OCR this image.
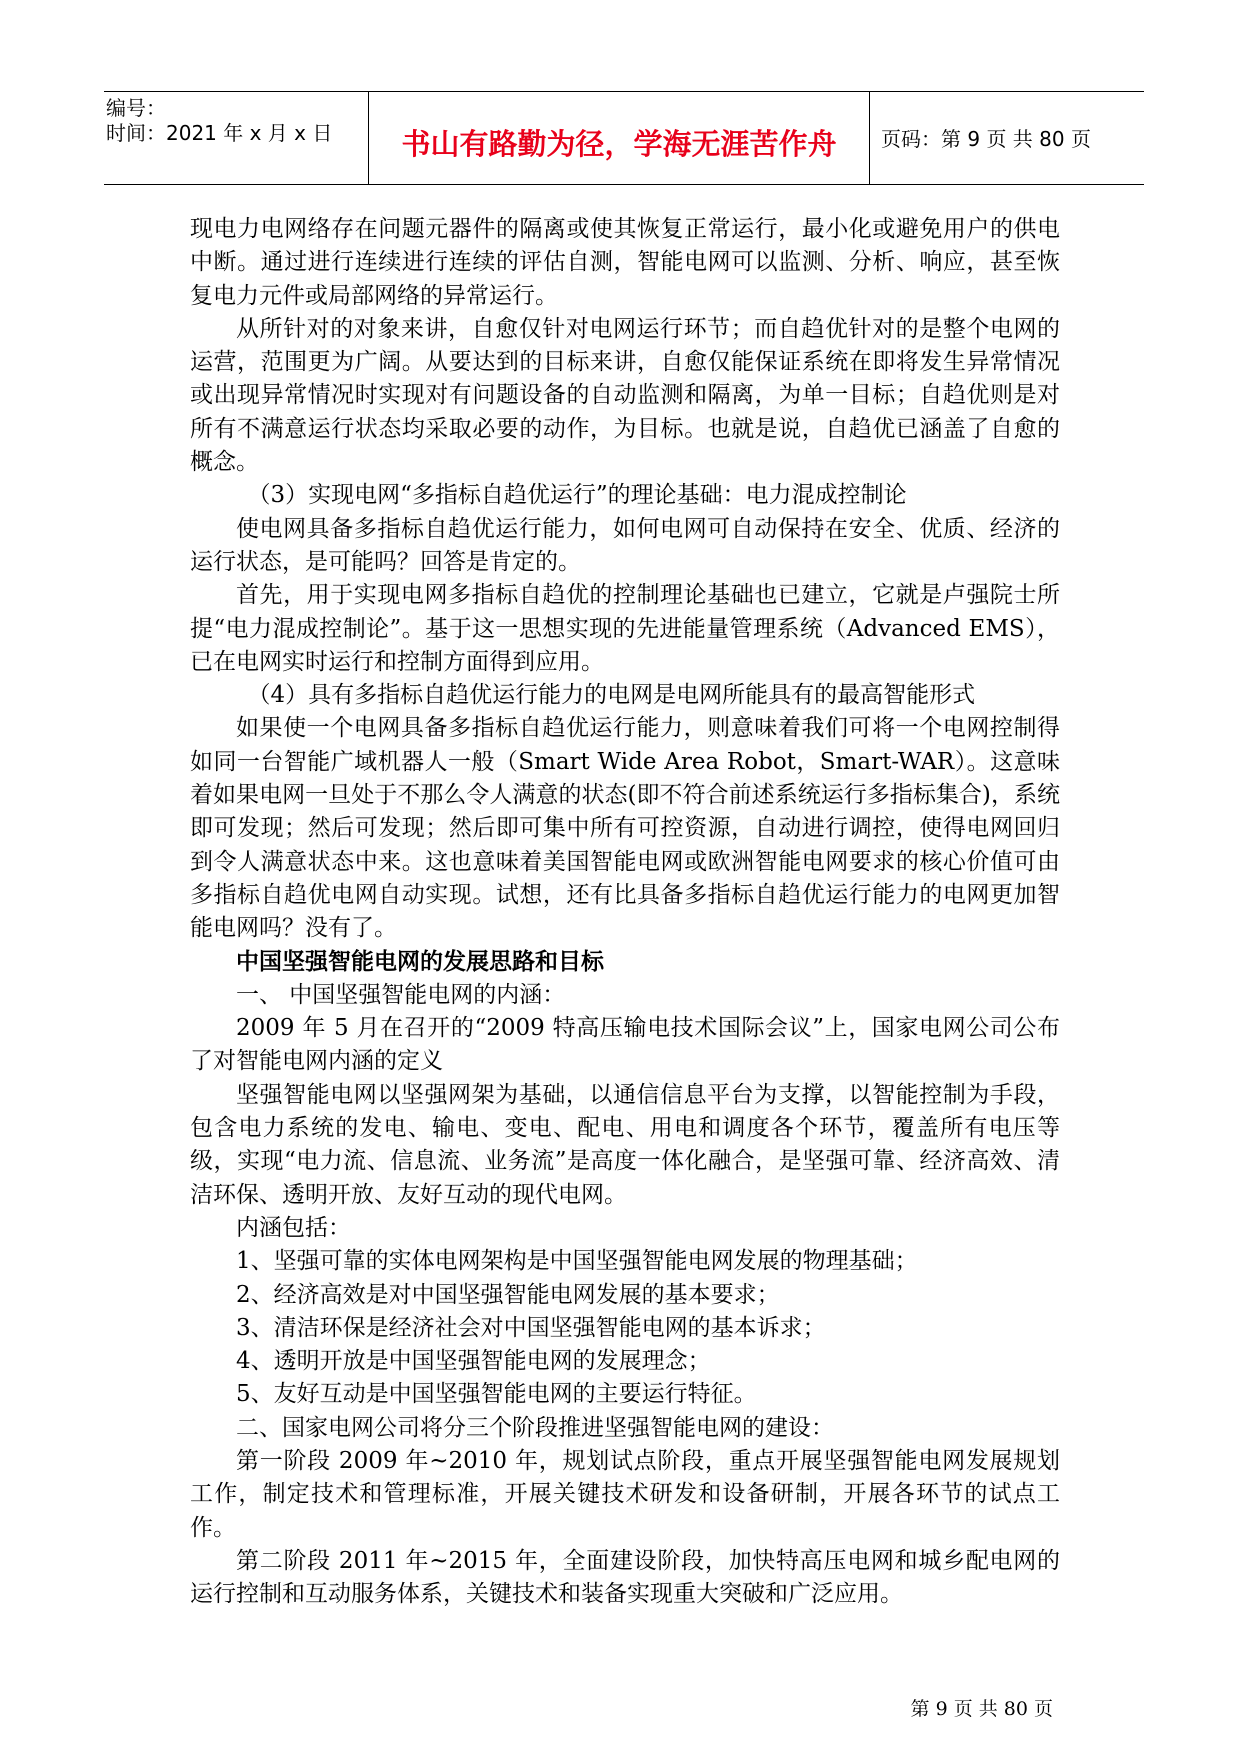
编号：
时间：2021 年 x 月 x 日	书山有路勤为径，学海无涯苦作舟	页码：第 9 页 共 80 页
现电力电网络存在问题元器件的隔离或使其恢复正常运行，最小化或避免用户的供电中断。通过进行连续进行连续的评估自测，智能电网可以监测、分析、响应，甚至恢复电力元件或局部网络的异常运行。
从所针对的对象来讲，自愈仅针对电网运行环节；而自趋优针对的是整个电网的运营，范围更为广阔。从要达到的目标来讲，自愈仅能保证系统在即将发生异常情况或出现异常情况时实现对有问题设备的自动监测和隔离，为单一目标；自趋优则是对所有不满意运行状态均采取必要的动作，为目标。也就是说，自趋优已涵盖了自愈的概念。
（3）实现电网“多指标自趋优运行”的理论基础：电力混成控制论
使电网具备多指标自趋优运行能力，如何电网可自动保持在安全、优质、经济的运行状态，是可能吗？回答是肯定的。
首先，用于实现电网多指标自趋优的控制理论基础也已建立，它就是卢强院士所提“电力混成控制论”。基于这一思想实现的先进能量管理系统（Advanced EMS），已在电网实时运行和控制方面得到应用。
（4）具有多指标自趋优运行能力的电网是电网所能具有的最高智能形式
如果使一个电网具备多指标自趋优运行能力，则意味着我们可将一个电网控制得如同一台智能广域机器人一般（Smart Wide Area Robot，Smart-WAR）。这意味着如果电网一旦处于不那么令人满意的状态(即不符合前述系统运行多指标集合)，系统即可发现；然后可发现；然后即可集中所有可控资源，自动进行调控，使得电网回归到令人满意状态中来。这也意味着美国智能电网或欧洲智能电网要求的核心价值可由多指标自趋优电网自动实现。试想，还有比具备多指标自趋优运行能力的电网更加智能电网吗？没有了。
中国坚强智能电网的发展思路和目标
一、 中国坚强智能电网的内涵：
2009 年 5 月在召开的“2009 特高压输电技术国际会议”上，国家电网公司公布了对智能电网内涵的定义
坚强智能电网以坚强网架为基础，以通信信息平台为支撑，以智能控制为手段，包含电力系统的发电、输电、变电、配电、用电和调度各个环节，覆盖所有电压等级，实现“电力流、信息流、业务流”是高度一体化融合，是坚强可靠、经济高效、清洁环保、透明开放、友好互动的现代电网。
内涵包括：
1、坚强可靠的实体电网架构是中国坚强智能电网发展的物理基础；
2、经济高效是对中国坚强智能电网发展的基本要求；
3、清洁环保是经济社会对中国坚强智能电网的基本诉求；
4、透明开放是中国坚强智能电网的发展理念；
5、友好互动是中国坚强智能电网的主要运行特征。
二、国家电网公司将分三个阶段推进坚强智能电网的建设：
第一阶段 2009 年~2010 年，规划试点阶段，重点开展坚强智能电网发展规划工作，制定技术和管理标准，开展关键技术研发和设备研制，开展各环节的试点工作。
第二阶段 2011 年~2015 年，全面建设阶段，加快特高压电网和城乡配电网的运行控制和互动服务体系，关键技术和装备实现重大突破和广泛应用。
第 9 页 共 80 页
